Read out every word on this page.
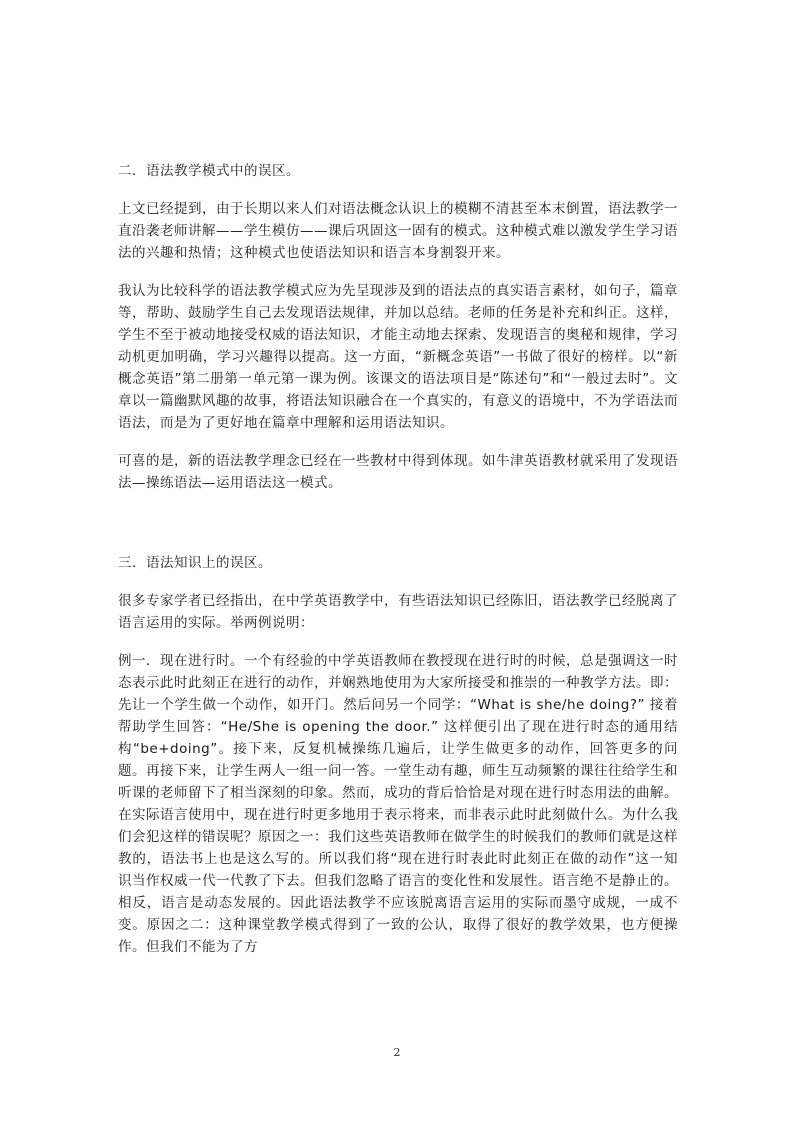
二．语法教学模式中的误区。

上文已经提到，由于长期以来人们对语法概念认识上的模糊不清甚至本末倒置，语法教学一直沿袭老师讲解——学生模仿——课后巩固这一固有的模式。这种模式难以激发学生学习语法的兴趣和热情；这种模式也使语法知识和语言本身割裂开来。

我认为比较科学的语法教学模式应为先呈现涉及到的语法点的真实语言素材，如句子，篇章等，帮助、鼓励学生自己去发现语法规律，并加以总结。老师的任务是补充和纠正。这样，学生不至于被动地接受权威的语法知识，才能主动地去探索、发现语言的奥秘和规律，学习动机更加明确，学习兴趣得以提高。这一方面，“新概念英语”一书做了很好的榜样。以“新概念英语”第二册第一单元第一课为例。该课文的语法项目是“陈述句”和“一般过去时”。文章以一篇幽默风趣的故事，将语法知识融合在一个真实的，有意义的语境中，不为学语法而语法，而是为了更好地在篇章中理解和运用语法知识。

可喜的是，新的语法教学理念已经在一些教材中得到体现。如牛津英语教材就采用了发现语法—操练语法—运用语法这一模式。

三．语法知识上的误区。

很多专家学者已经指出，在中学英语教学中，有些语法知识已经陈旧，语法教学已经脱离了语言运用的实际。举两例说明：

例一．现在进行时。一个有经验的中学英语教师在教授现在进行时的时候，总是强调这一时态表示此时此刻正在进行的动作，并娴熟地使用为大家所接受和推崇的一种教学方法。即：先让一个学生做一个动作，如开门。然后问另一个同学：“What is she/he doing?” 接着帮助学生回答：“He/She is opening the door.” 这样便引出了现在进行时态的通用结构“be+doing”。接下来，反复机械操练几遍后，让学生做更多的动作，回答更多的问题。再接下来，让学生两人一组一问一答。一堂生动有趣，师生互动频繁的课往往给学生和听课的老师留下了相当深刻的印象。然而，成功的背后恰恰是对现在进行时态用法的曲解。在实际语言使用中，现在进行时更多地用于表示将来，而非表示此时此刻做什么。为什么我们会犯这样的错误呢？原因之一：我们这些英语教师在做学生的时候我们的教师们就是这样教的，语法书上也是这么写的。所以我们将“现在进行时表此时此刻正在做的动作”这一知识当作权威一代一代教了下去。但我们忽略了语言的变化性和发展性。语言绝不是静止的。相反，语言是动态发展的。因此语法教学不应该脱离语言运用的实际而墨守成规，一成不变。原因之二：这种课堂教学模式得到了一致的公认，取得了很好的教学效果，也方便操作。但我们不能为了方

2
